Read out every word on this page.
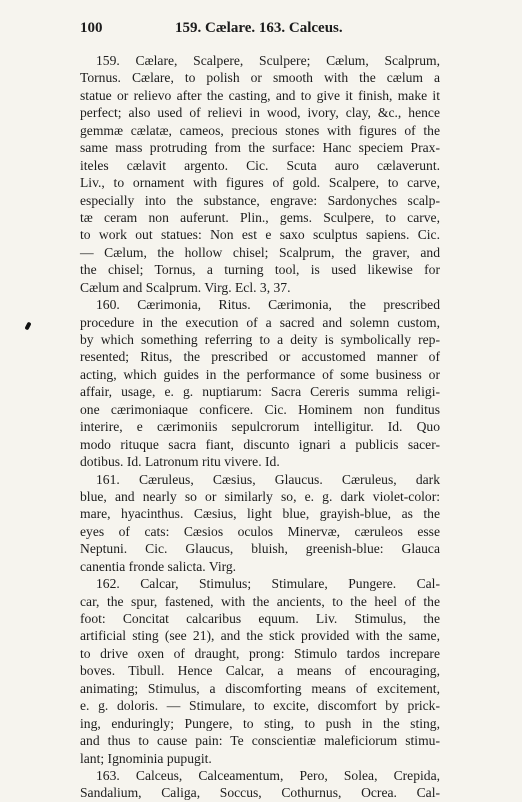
100	159. Cælare. 163. Calceus.
159. Cælare, Scalpere, Sculpere; Cælum, Scalprum,
Tornus. Cælare, to polish or smooth with the cælum a
statue or relievo after the casting, and to give it finish, make it
perfect; also used of relievi in wood, ivory, clay, &c., hence
gemmæ cælatæ, cameos, precious stones with figures of the
same mass protruding from the surface: Hanc speciem Prax-
iteles cælavit argento. Cic. Scuta auro cælaverunt.
Liv., to ornament with figures of gold. Scalpere, to carve,
especially into the substance, engrave: Sardonyches scalp-
tæ ceram non auferunt. Plin., gems. Sculpere, to carve,
to work out statues: Non est e saxo sculptus sapiens. Cic.
— Cælum, the hollow chisel; Scalprum, the graver, and
the chisel; Tornus, a turning tool, is used likewise for
Cælum and Scalprum. Virg. Ecl. 3, 37.
160. Cærimonia, Ritus. Cærimonia, the prescribed
procedure in the execution of a sacred and solemn custom,
by which something referring to a deity is symbolically rep-
resented; Ritus, the prescribed or accustomed manner of
acting, which guides in the performance of some business or
affair, usage, e. g. nuptiarum: Sacra Cereris summa religi-
one cærimoniaque conficere. Cic. Hominem non funditus
interire, e cærimoniis sepulcrorum intelligitur. Id. Quo
modo rituque sacra fiant, discunto ignari a publicis sacer-
dotibus. Id. Latronum ritu vivere. Id.
161. Cæruleus, Cæsius, Glaucus. Cæruleus, dark
blue, and nearly so or similarly so, e. g. dark violet-color:
mare, hyacinthus. Cæsius, light blue, grayish-blue, as the
eyes of cats: Cæsios oculos Minervæ, cæruleos esse
Neptuni. Cic. Glaucus, bluish, greenish-blue: Glauca
canentia fronde salicta. Virg.
162. Calcar, Stimulus; Stimulare, Pungere. Cal-
car, the spur, fastened, with the ancients, to the heel of the
foot: Concitat calcaribus equum. Liv. Stimulus, the
artificial sting (see 21), and the stick provided with the same,
to drive oxen of draught, prong: Stimulo tardos increpare
boves. Tibull. Hence Calcar, a means of encouraging,
animating; Stimulus, a discomforting means of excitement,
e. g. doloris. — Stimulare, to excite, discomfort by prick-
ing, enduringly; Pungere, to sting, to push in the sting,
and thus to cause pain: Te conscientiæ maleficiorum stimu-
lant; Ignominia pupugit.
163. Calceus, Calceamentum, Pero, Solea, Crepida,
Sandalium, Caliga, Soccus, Cothurnus, Ocrea. Cal-
